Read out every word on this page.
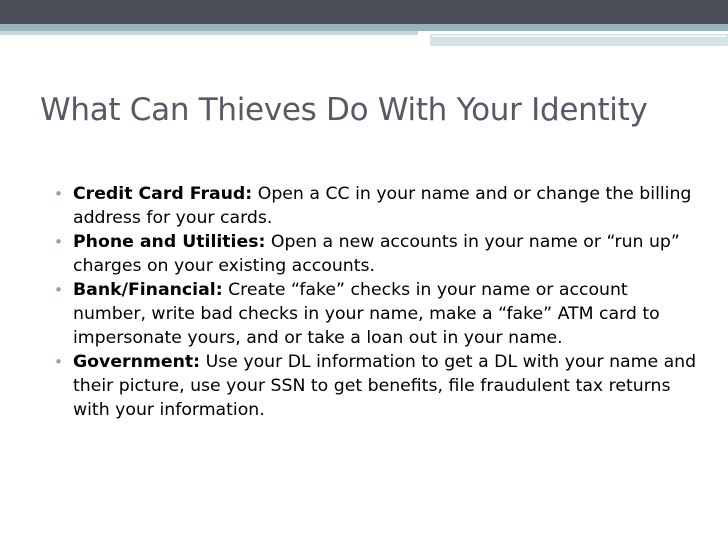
What Can Thieves Do With Your Identity
• Credit Card Fraud: Open a CC in your name and or change the billing address for your cards.
• Phone and Utilities: Open a new accounts in your name or “run up” charges on your existing accounts.
• Bank/Financial: Create “fake” checks in your name or account number, write bad checks in your name, make a “fake” ATM card to impersonate yours, and or take a loan out in your name.
• Government: Use your DL information to get a DL with your name and their picture, use your SSN to get benefits, file fraudulent tax returns with your information.
